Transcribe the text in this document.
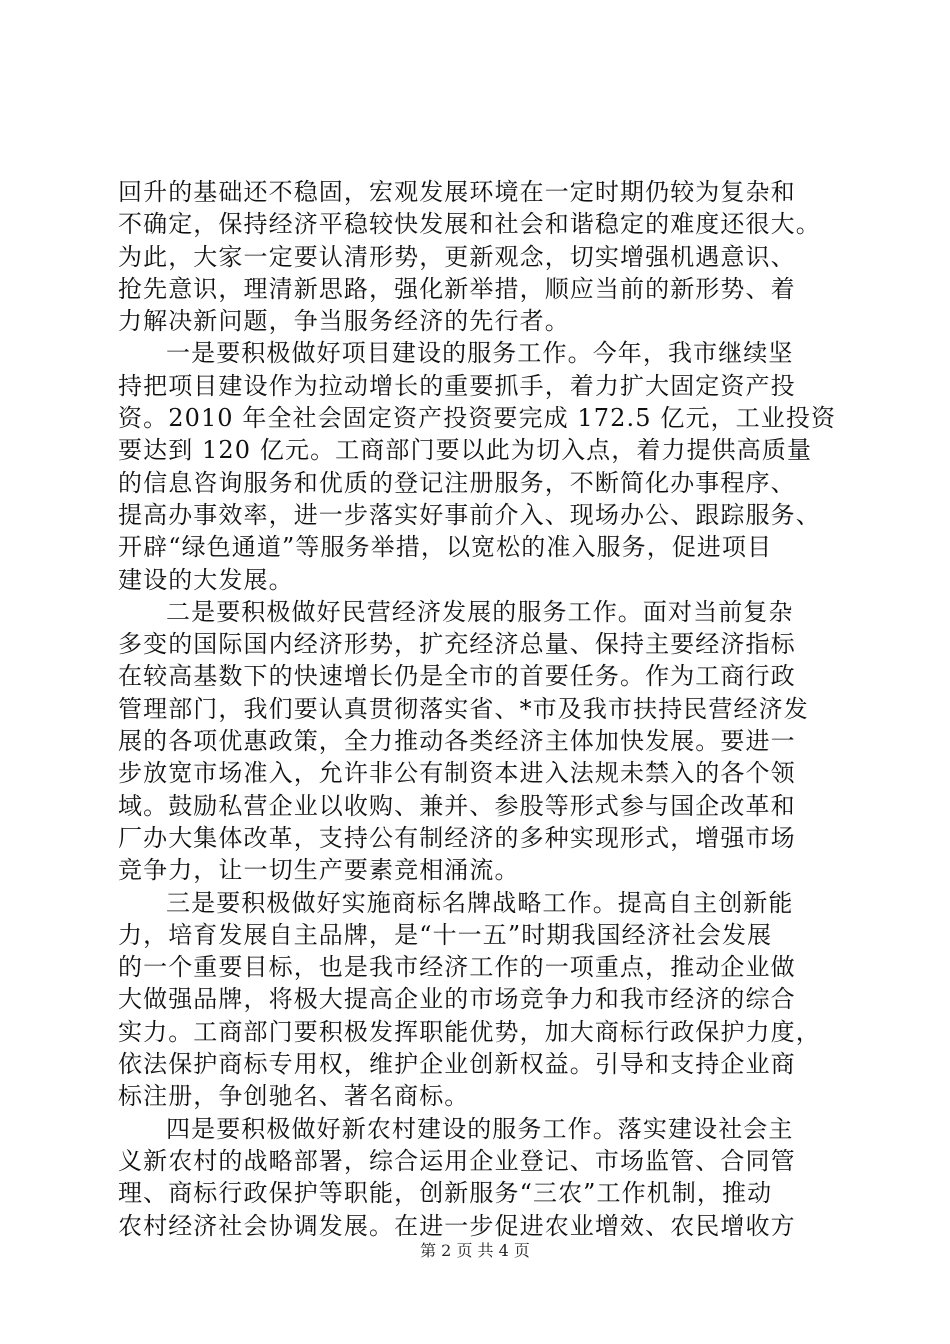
回升的基础还不稳固，宏观发展环境在一定时期仍较为复杂和
不确定，保持经济平稳较快发展和社会和谐稳定的难度还很大。
为此，大家一定要认清形势，更新观念，切实增强机遇意识、
抢先意识，理清新思路，强化新举措，顺应当前的新形势、着
力解决新问题，争当服务经济的先行者。
一是要积极做好项目建设的服务工作。今年，我市继续坚
持把项目建设作为拉动增长的重要抓手，着力扩大固定资产投
资。2010 年全社会固定资产投资要完成 172.5 亿元，工业投资
要达到 120 亿元。工商部门要以此为切入点，着力提供高质量
的信息咨询服务和优质的登记注册服务，不断简化办事程序、
提高办事效率，进一步落实好事前介入、现场办公、跟踪服务、
开辟“绿色通道”等服务举措，以宽松的准入服务，促进项目
建设的大发展。
二是要积极做好民营经济发展的服务工作。面对当前复杂
多变的国际国内经济形势，扩充经济总量、保持主要经济指标
在较高基数下的快速增长仍是全市的首要任务。作为工商行政
管理部门，我们要认真贯彻落实省、*市及我市扶持民营经济发
展的各项优惠政策，全力推动各类经济主体加快发展。要进一
步放宽市场准入，允许非公有制资本进入法规未禁入的各个领
域。鼓励私营企业以收购、兼并、参股等形式参与国企改革和
厂办大集体改革，支持公有制经济的多种实现形式，增强市场
竞争力，让一切生产要素竞相涌流。
三是要积极做好实施商标名牌战略工作。提高自主创新能
力，培育发展自主品牌，是“十一五”时期我国经济社会发展
的一个重要目标，也是我市经济工作的一项重点，推动企业做
大做强品牌，将极大提高企业的市场竞争力和我市经济的综合
实力。工商部门要积极发挥职能优势，加大商标行政保护力度，
依法保护商标专用权，维护企业创新权益。引导和支持企业商
标注册，争创驰名、著名商标。
四是要积极做好新农村建设的服务工作。落实建设社会主
义新农村的战略部署，综合运用企业登记、市场监管、合同管
理、商标行政保护等职能，创新服务“三农”工作机制，推动
农村经济社会协调发展。在进一步促进农业增效、农民增收方
第 2 页 共 4 页
